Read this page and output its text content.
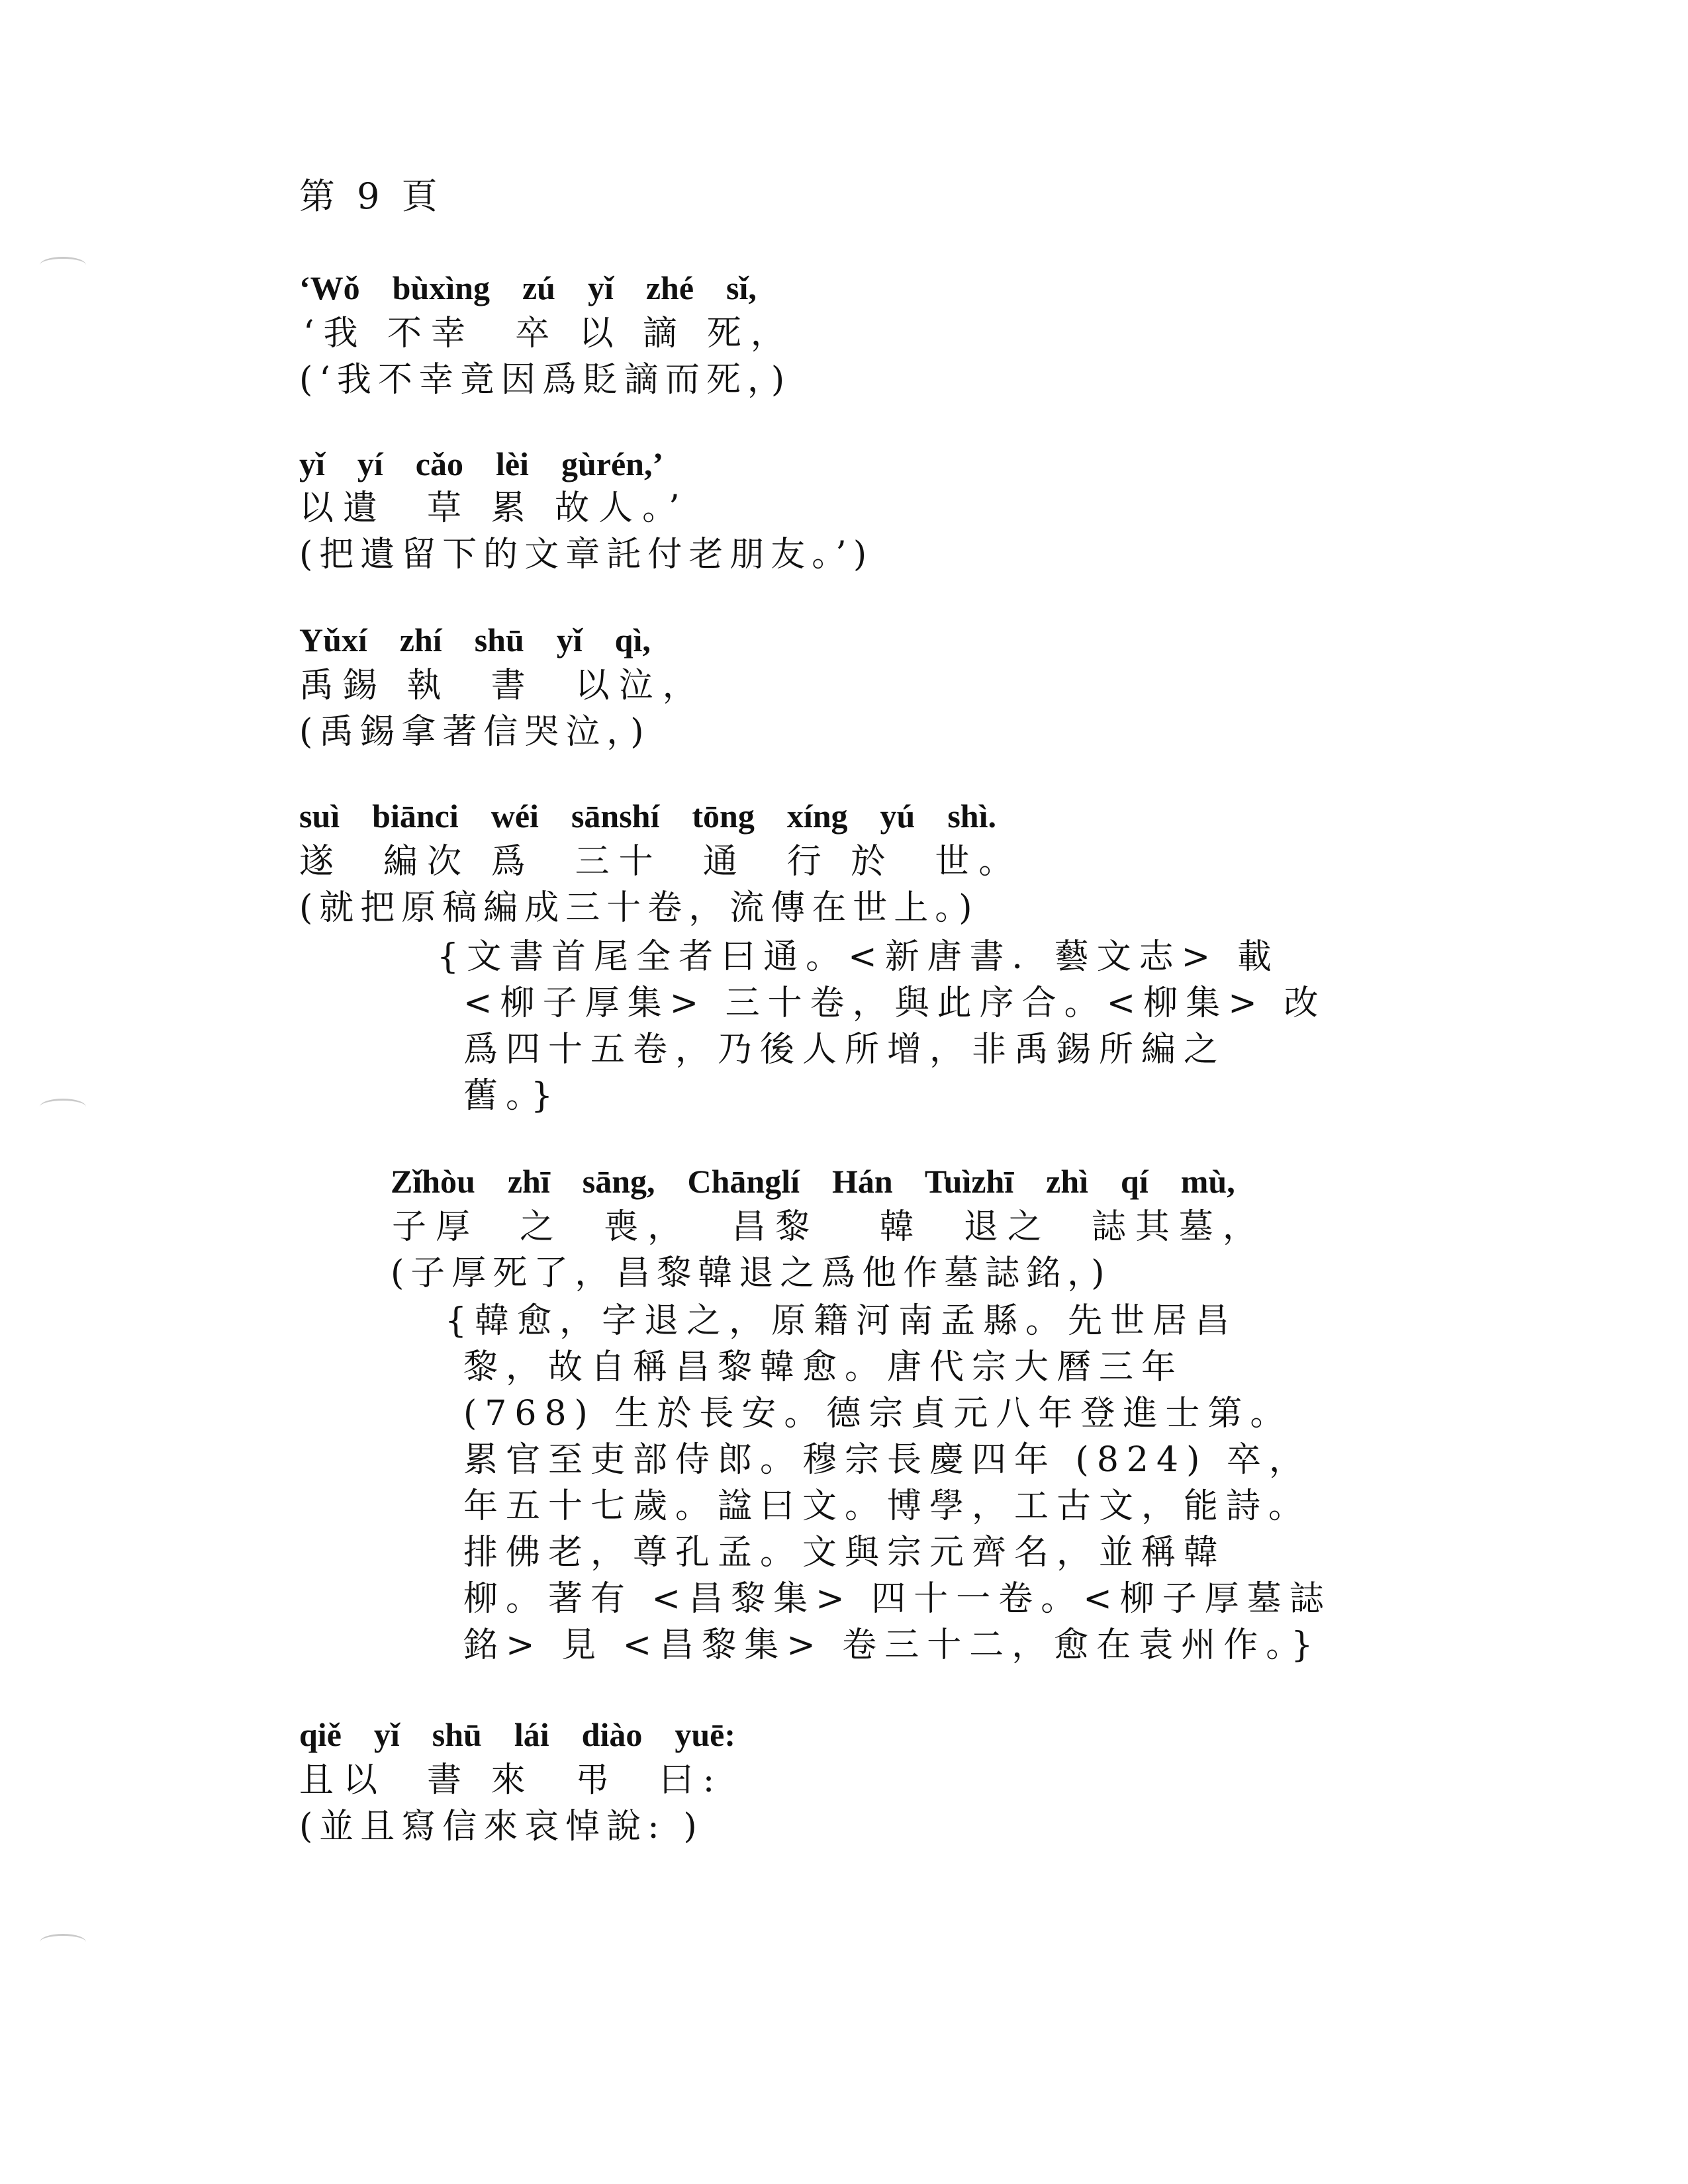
第 9 頁
‘Wǒ  bùxìng  zú  yǐ  zhé  sǐ,
‘我 不幸  卒 以 謫 死，
(‘我不幸竟因爲貶謫而死，)
yǐ  yí  cǎo  lèi  gùrén,’
以遺  草 累 故人。’
(把遺留下的文章託付老朋友。’)
Yǔxí  zhí  shū  yǐ  qì,
禹錫 執  書  以泣，
(禹錫拿著信哭泣，)
suì  biānci  wéi  sānshí  tōng  xíng  yú  shì.
遂  編次 爲  三十  通  行 於  世。
(就把原稿編成三十卷，流傳在世上。)
{文書首尾全者曰通。<新唐書．藝文志> 載
<柳子厚集> 三十卷，與此序合。<柳集> 改
爲四十五卷，乃後人所增，非禹錫所編之
舊。}
Zǐhòu  zhī  sāng,  Chānglí  Hán  Tuìzhī  zhì  qí  mù,
子厚  之  喪，  昌黎   韓  退之  誌其墓，
(子厚死了，昌黎韓退之爲他作墓誌銘，)
{韓愈，字退之，原籍河南孟縣。先世居昌
黎，故自稱昌黎韓愈。唐代宗大曆三年
(768) 生於長安。德宗貞元八年登進士第。
累官至吏部侍郎。穆宗長慶四年 (824) 卒，
年五十七歲。諡曰文。博學，工古文，能詩。
排佛老，尊孔孟。文與宗元齊名，並稱韓
柳。著有 <昌黎集> 四十一卷。<柳子厚墓誌
銘> 見 <昌黎集> 卷三十二，愈在袁州作。}
qiě  yǐ  shū  lái  diào  yuē:
且以  書 來  弔  曰:
(並且寫信來哀悼說: )
